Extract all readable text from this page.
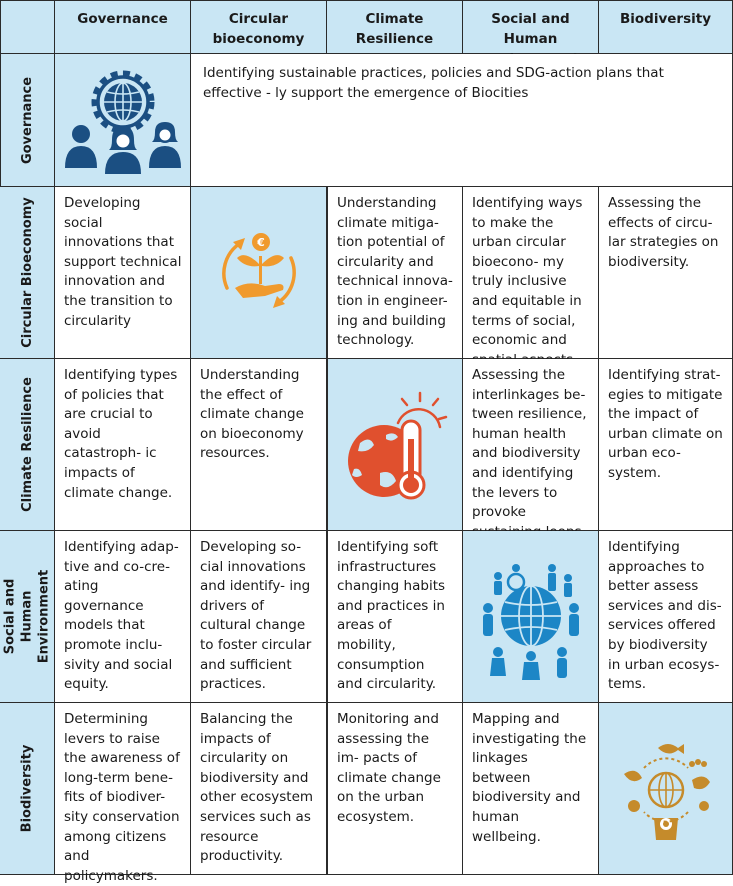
Governance	Circular bioeconomy
Climate Resilience
Social and Human
Biodiversity
Governance
Identifying sustainable practices, policies and SDG-action plans that effective - ly support the emergence of Biocities
Circular Bioeconomy	Developing social innovations that support technical innovation and the transition to circularity
€
Understanding climate mitiga- tion potential of circularity and technical innova- tion in engineer- ing and building technology.
Identifying ways to make the urban circular bioecono- my truly inclusive and equitable in terms of social, economic and
Assessing the effects of circu- lar strategies on biodiversity.
Climate Resilience
Identifying types of policies that are crucial to avoid catastroph- ic impacts of climate change.
Understanding the effect of climate change on bioeconomy resources.
Assessing the interlinkages be- tween resilience, human health and biodiversity and identifying the levers to provoke
Identifying strat- egies to mitigate the impact of urban climate on urban eco- system.
Social and Human Environment
Identifying adap- tive and co-cre- ating governance models that promote inclu- sivity and social equity.
Developing so- cial innovations and identify- ing drivers of cultural change to foster circular and sufficient practices.
Identifying soft infrastructures changing habits and practices in areas of mobility, consumption and circularity.
Identifying approaches to better assess services and dis- services offered by biodiversity in urban ecosys- tems.
Biodiversity
Determining levers to raise the awareness of long-term bene- fits of biodiver- sity conservation among citizens and policymakers.
Balancing the impacts of circularity on biodiversity and other ecosystem services such as resource productivity.
Monitoring and assessing the im- pacts of climate change on the urban ecosystem.
Mapping and investigating the linkages between biodiversity and human wellbeing.
